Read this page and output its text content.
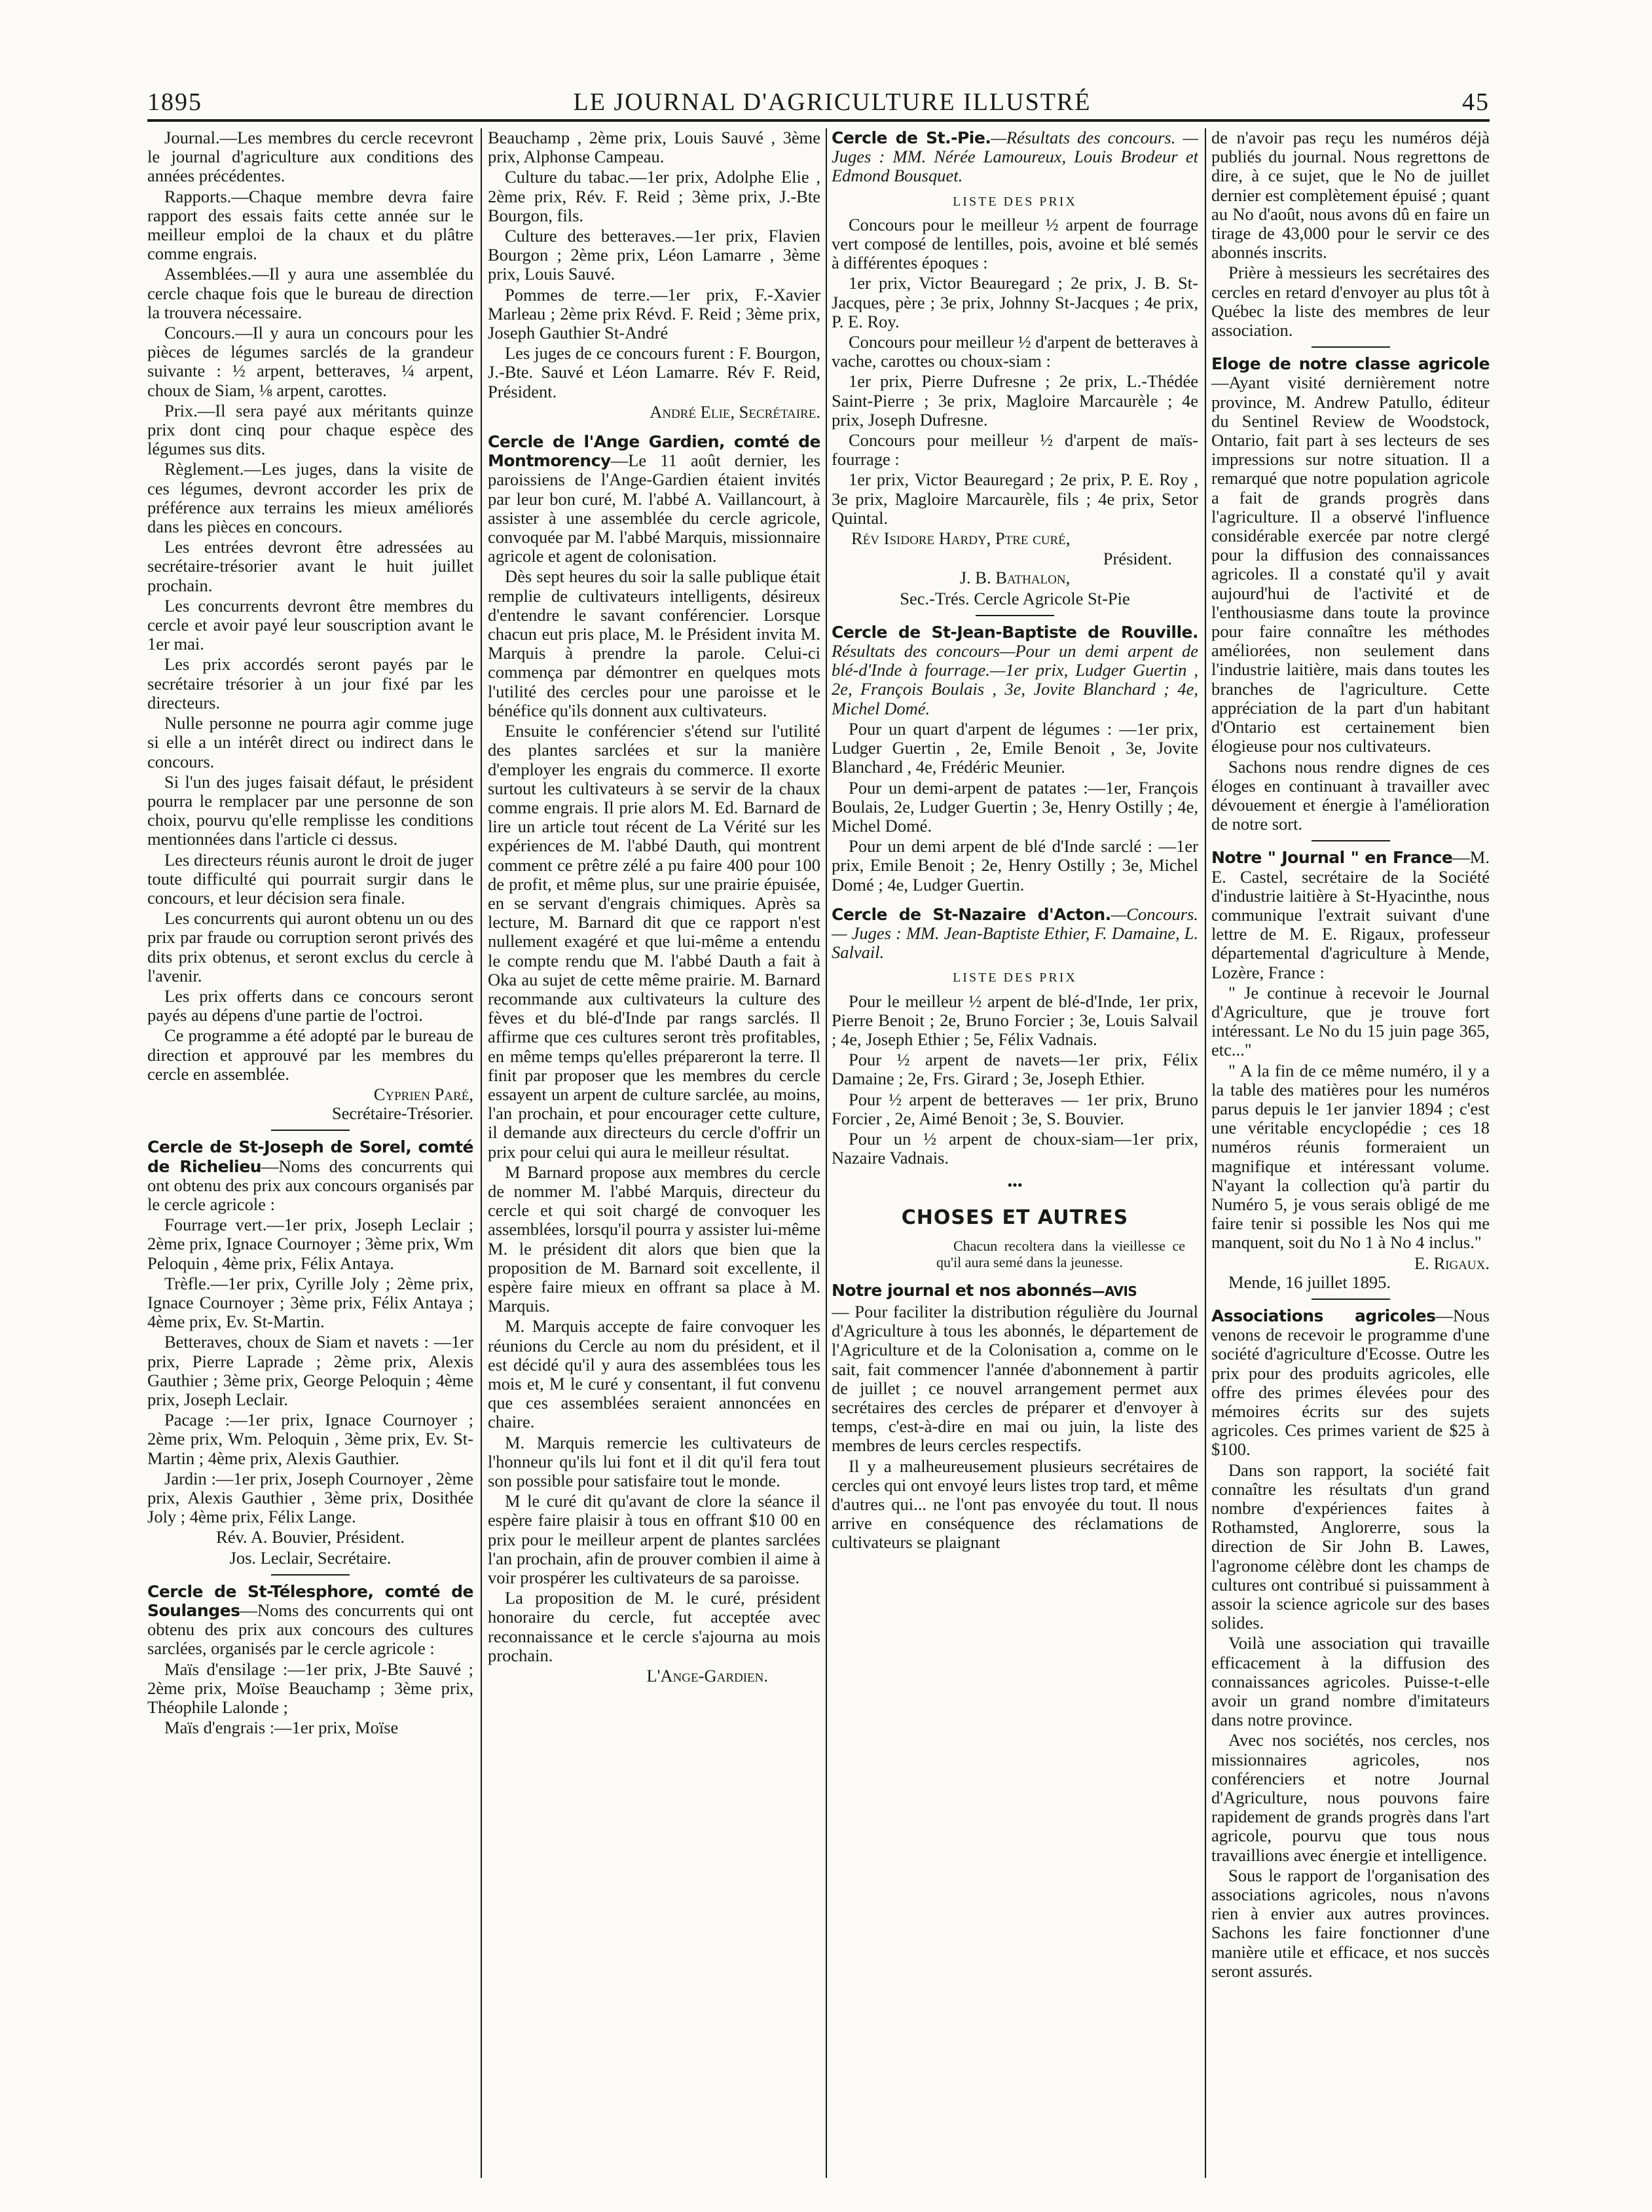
1895	LE JOURNAL D'AGRICULTURE ILLUSTRÉ	45

Journal.—Les membres du cercle recevront le journal d'agriculture aux conditions des années précédentes.

Rapports.—Chaque membre devra faire rapport des essais faits cette année sur le meilleur emploi de la chaux et du plâtre comme engrais.

Assemblées.—Il y aura une assemblée du cercle chaque fois que le bureau de direction la trouvera nécessaire.

Concours.—Il y aura un concours pour les pièces de légumes sarclés de la grandeur suivante : ½ arpent, betteraves, ¼ arpent, choux de Siam, ⅛ arpent, carottes.

Prix.—Il sera payé aux méritants quinze prix dont cinq pour chaque espèce des légumes sus dits.

Règlement.—Les juges, dans la visite de ces légumes, devront accorder les prix de préférence aux terrains les mieux améliorés dans les pièces en concours.

Les entrées devront être adressées au secrétaire-trésorier avant le huit juillet prochain.

Les concurrents devront être membres du cercle et avoir payé leur souscription avant le 1er mai.

Les prix accordés seront payés par le secrétaire trésorier à un jour fixé par les directeurs.

Nulle personne ne pourra agir comme juge si elle a un intérêt direct ou indirect dans le concours.

Si l'un des juges faisait défaut, le président pourra le remplacer par une personne de son choix, pourvu qu'elle remplisse les conditions mentionnées dans l'article ci dessus.

Les directeurs réunis auront le droit de juger toute difficulté qui pourrait surgir dans le concours, et leur décision sera finale.

Les concurrents qui auront obtenu un ou des prix par fraude ou corruption seront privés des dits prix obtenus, et seront exclus du cercle à l'avenir.

Les prix offerts dans ce concours seront payés au dépens d'une partie de l'octroi.

Ce programme a été adopté par le bureau de direction et approuvé par les membres du cercle en assemblée.

Cyprien Paré,

Secrétaire-Trésorier.

Cercle de St-Joseph de Sorel, comté de Richelieu—Noms des concurrents qui ont obtenu des prix aux concours organisés par le cercle agricole :

Fourrage vert.—1er prix, Joseph Leclair ; 2ème prix, Ignace Cournoyer ; 3ème prix, Wm Peloquin , 4ème prix, Félix Antaya.

Trèfle.—1er prix, Cyrille Joly ; 2ème prix, Ignace Cournoyer ; 3ème prix, Félix Antaya ; 4ème prix, Ev. St-Martin.

Betteraves, choux de Siam et navets : —1er prix, Pierre Laprade ; 2ème prix, Alexis Gauthier ; 3ème prix, George Peloquin ; 4ème prix, Joseph Leclair.

Pacage :—1er prix, Ignace Cournoyer ; 2ème prix, Wm. Peloquin , 3ème prix, Ev. St-Martin ; 4ème prix, Alexis Gauthier.

Jardin :—1er prix, Joseph Cournoyer , 2ème prix, Alexis Gauthier , 3ème prix, Dosithée Joly ; 4ème prix, Félix Lange.

Rév. A. Bouvier, Président.

Jos. Leclair, Secrétaire.

Cercle de St-Télesphore, comté de Soulanges—Noms des concurrents qui ont obtenu des prix aux concours des cultures sarclées, organisés par le cercle agricole :

Maïs d'ensilage :—1er prix, J-Bte Sauvé ; 2ème prix, Moïse Beauchamp ; 3ème prix, Théophile Lalonde ;

Maïs d'engrais :—1er prix, Moïse

Beauchamp , 2ème prix, Louis Sauvé , 3ème prix, Alphonse Campeau.

Culture du tabac.—1er prix, Adolphe Elie , 2ème prix, Rév. F. Reid ; 3ème prix, J.-Bte Bourgon, fils.

Culture des betteraves.—1er prix, Flavien Bourgon ; 2ème prix, Léon Lamarre , 3ème prix, Louis Sauvé.

Pommes de terre.—1er prix, F.-Xavier Marleau ; 2ème prix Révd. F. Reid ; 3ème prix, Joseph Gauthier St-André

Les juges de ce concours furent : F. Bourgon, J.-Bte. Sauvé et Léon Lamarre. Rév F. Reid, Président.

André Elie, Secrétaire.

Cercle de l'Ange Gardien, comté de Montmorency—Le 11 août dernier, les paroissiens de l'Ange-Gardien étaient invités par leur bon curé, M. l'abbé A. Vaillancourt, à assister à une assemblée du cercle agricole, convoquée par M. l'abbé Marquis, missionnaire agricole et agent de colonisation.

Dès sept heures du soir la salle publique était remplie de cultivateurs intelligents, désireux d'entendre le savant conférencier. Lorsque chacun eut pris place, M. le Président invita M. Marquis à prendre la parole. Celui-ci commença par démontrer en quelques mots l'utilité des cercles pour une paroisse et le bénéfice qu'ils donnent aux cultivateurs.

Ensuite le conférencier s'étend sur l'utilité des plantes sarclées et sur la manière d'employer les engrais du commerce. Il exorte surtout les cultivateurs à se servir de la chaux comme engrais. Il prie alors M. Ed. Barnard de lire un article tout récent de La Vérité sur les expériences de M. l'abbé Dauth, qui montrent comment ce prêtre zélé a pu faire 400 pour 100 de profit, et même plus, sur une prairie épuisée, en se servant d'engrais chimiques. Après sa lecture, M. Barnard dit que ce rapport n'est nullement exagéré et que lui-même a entendu le compte rendu que M. l'abbé Dauth a fait à Oka au sujet de cette même prairie. M. Barnard recommande aux cultivateurs la culture des fèves et du blé-d'Inde par rangs sarclés. Il affirme que ces cultures seront très profitables, en même temps qu'elles prépareront la terre. Il finit par proposer que les membres du cercle essayent un arpent de culture sarclée, au moins, l'an prochain, et pour encourager cette culture, il demande aux directeurs du cercle d'offrir un prix pour celui qui aura le meilleur résultat.

M Barnard propose aux membres du cercle de nommer M. l'abbé Marquis, directeur du cercle et qui soit chargé de convoquer les assemblées, lorsqu'il pourra y assister lui-même M. le président dit alors que bien que la proposition de M. Barnard soit excellente, il espère faire mieux en offrant sa place à M. Marquis.

M. Marquis accepte de faire convoquer les réunions du Cercle au nom du président, et il est décidé qu'il y aura des assemblées tous les mois et, M le curé y consentant, il fut convenu que ces assemblées seraient annoncées en chaire.

M. Marquis remercie les cultivateurs de l'honneur qu'ils lui font et il dit qu'il fera tout son possible pour satisfaire tout le monde.

M le curé dit qu'avant de clore la séance il espère faire plaisir à tous en offrant $10 00 en prix pour le meilleur arpent de plantes sarclées l'an prochain, afin de prouver combien il aime à voir prospérer les cultivateurs de sa paroisse.

La proposition de M. le curé, président honoraire du cercle, fut acceptée avec reconnaissance et le cercle s'ajourna au mois prochain.

L'Ange-Gardien.

Cercle de St.-Pie.—Résultats des concours. — Juges : MM. Nérée Lamoureux, Louis Brodeur et Edmond Bousquet.

LISTE DES PRIX

Concours pour le meilleur ½ arpent de fourrage vert composé de lentilles, pois, avoine et blé semés à différentes époques :

1er prix, Victor Beauregard ; 2e prix, J. B. St-Jacques, père ; 3e prix, Johnny St-Jacques ; 4e prix, P. E. Roy.

Concours pour meilleur ½ d'arpent de betteraves à vache, carottes ou choux-siam :

1er prix, Pierre Dufresne ; 2e prix, L.-Thédée Saint-Pierre ; 3e prix, Magloire Marcaurèle ; 4e prix, Joseph Dufresne.

Concours pour meilleur ½ d'arpent de maïs-fourrage :

1er prix, Victor Beauregard ; 2e prix, P. E. Roy , 3e prix, Magloire Marcaurèle, fils ; 4e prix, Setor Quintal.

Rév Isidore Hardy, Ptre curé,

Président.

J. B. Bathalon,

Sec.-Trés. Cercle Agricole St-Pie

Cercle de St-Jean-Baptiste de Rouville. Résultats des concours—Pour un demi arpent de blé-d'Inde à fourrage.—1er prix, Ludger Guertin , 2e, François Boulais , 3e, Jovite Blanchard ; 4e, Michel Domé.

Pour un quart d'arpent de légumes : —1er prix, Ludger Guertin , 2e, Emile Benoit , 3e, Jovite Blanchard , 4e, Frédéric Meunier.

Pour un demi-arpent de patates :—1er, François Boulais, 2e, Ludger Guertin ; 3e, Henry Ostilly ; 4e, Michel Domé.

Pour un demi arpent de blé d'Inde sarclé : —1er prix, Emile Benoit ; 2e, Henry Ostilly ; 3e, Michel Domé ; 4e, Ludger Guertin.

Cercle de St-Nazaire d'Acton.—Concours. — Juges : MM. Jean-Baptiste Ethier, F. Damaine, L. Salvail.

LISTE DES PRIX

Pour le meilleur ½ arpent de blé-d'Inde, 1er prix, Pierre Benoit ; 2e, Bruno Forcier ; 3e, Louis Salvail ; 4e, Joseph Ethier ; 5e, Félix Vadnais.

Pour ½ arpent de navets—1er prix, Félix Damaine ; 2e, Frs. Girard ; 3e, Joseph Ethier.

Pour ½ arpent de betteraves — 1er prix, Bruno Forcier , 2e, Aimé Benoit ; 3e, S. Bouvier.

Pour un ½ arpent de choux-siam—1er prix, Nazaire Vadnais.

•••

CHOSES ET AUTRES

Chacun recoltera dans la vieillesse ce qu'il aura semé dans la jeunesse.

Notre journal et nos abonnés—AVIS

— Pour faciliter la distribution régulière du Journal d'Agriculture à tous les abonnés, le département de l'Agriculture et de la Colonisation a, comme on le sait, fait commencer l'année d'abonnement à partir de juillet ; ce nouvel arrangement permet aux secrétaires des cercles de préparer et d'envoyer à temps, c'est-à-dire en mai ou juin, la liste des membres de leurs cercles respectifs.

Il y a malheureusement plusieurs secrétaires de cercles qui ont envoyé leurs listes trop tard, et même d'autres qui... ne l'ont pas envoyée du tout. Il nous arrive en conséquence des réclamations de cultivateurs se plaignant

de n'avoir pas reçu les numéros déjà publiés du journal. Nous regrettons de dire, à ce sujet, que le No de juillet dernier est complètement épuisé ; quant au No d'août, nous avons dû en faire un tirage de 43,000 pour le servir ce des abonnés inscrits.

Prière à messieurs les secrétaires des cercles en retard d'envoyer au plus tôt à Québec la liste des membres de leur association.

Eloge de notre classe agricole—Ayant visité dernièrement notre province, M. Andrew Patullo, éditeur du Sentinel Review de Woodstock, Ontario, fait part à ses lecteurs de ses impressions sur notre situation. Il a remarqué que notre population agricole a fait de grands progrès dans l'agriculture. Il a observé l'influence considérable exercée par notre clergé pour la diffusion des connaissances agricoles. Il a constaté qu'il y avait aujourd'hui de l'activité et de l'enthousiasme dans toute la province pour faire connaître les méthodes améliorées, non seulement dans l'industrie laitière, mais dans toutes les branches de l'agriculture. Cette appréciation de la part d'un habitant d'Ontario est certainement bien élogieuse pour nos cultivateurs.

Sachons nous rendre dignes de ces éloges en continuant à travailler avec dévouement et énergie à l'amélioration de notre sort.

Notre " Journal " en France—M. E. Castel, secrétaire de la Société d'industrie laitière à St-Hyacinthe, nous communique l'extrait suivant d'une lettre de M. E. Rigaux, professeur départemental d'agriculture à Mende, Lozère, France :

" Je continue à recevoir le Journal d'Agriculture, que je trouve fort intéressant. Le No du 15 juin page 365, etc..."

" A la fin de ce même numéro, il y a la table des matières pour les numéros parus depuis le 1er janvier 1894 ; c'est une véritable encyclopédie ; ces 18 numéros réunis formeraient un magnifique et intéressant volume. N'ayant la collection qu'à partir du Numéro 5, je vous serais obligé de me faire tenir si possible les Nos qui me manquent, soit du No 1 à No 4 inclus."

E. Rigaux.

Mende, 16 juillet 1895.

Associations agricoles—Nous venons de recevoir le programme d'une société d'agriculture d'Ecosse. Outre les prix pour des produits agricoles, elle offre des primes élevées pour des mémoires écrits sur des sujets agricoles. Ces primes varient de $25 à $100.

Dans son rapport, la société fait connaître les résultats d'un grand nombre d'expériences faites à Rothamsted, Anglorerre, sous la direction de Sir John B. Lawes, l'agronome célèbre dont les champs de cultures ont contribué si puissamment à assoir la science agricole sur des bases solides.

Voilà une association qui travaille efficacement à la diffusion des connaissances agricoles. Puisse-t-elle avoir un grand nombre d'imitateurs dans notre province.

Avec nos sociétés, nos cercles, nos missionnaires agricoles, nos conférenciers et notre Journal d'Agriculture, nous pouvons faire rapidement de grands progrès dans l'art agricole, pourvu que tous nous travaillions avec énergie et intelligence.

Sous le rapport de l'organisation des associations agricoles, nous n'avons rien à envier aux autres provinces. Sachons les faire fonctionner d'une manière utile et efficace, et nos succès seront assurés.
